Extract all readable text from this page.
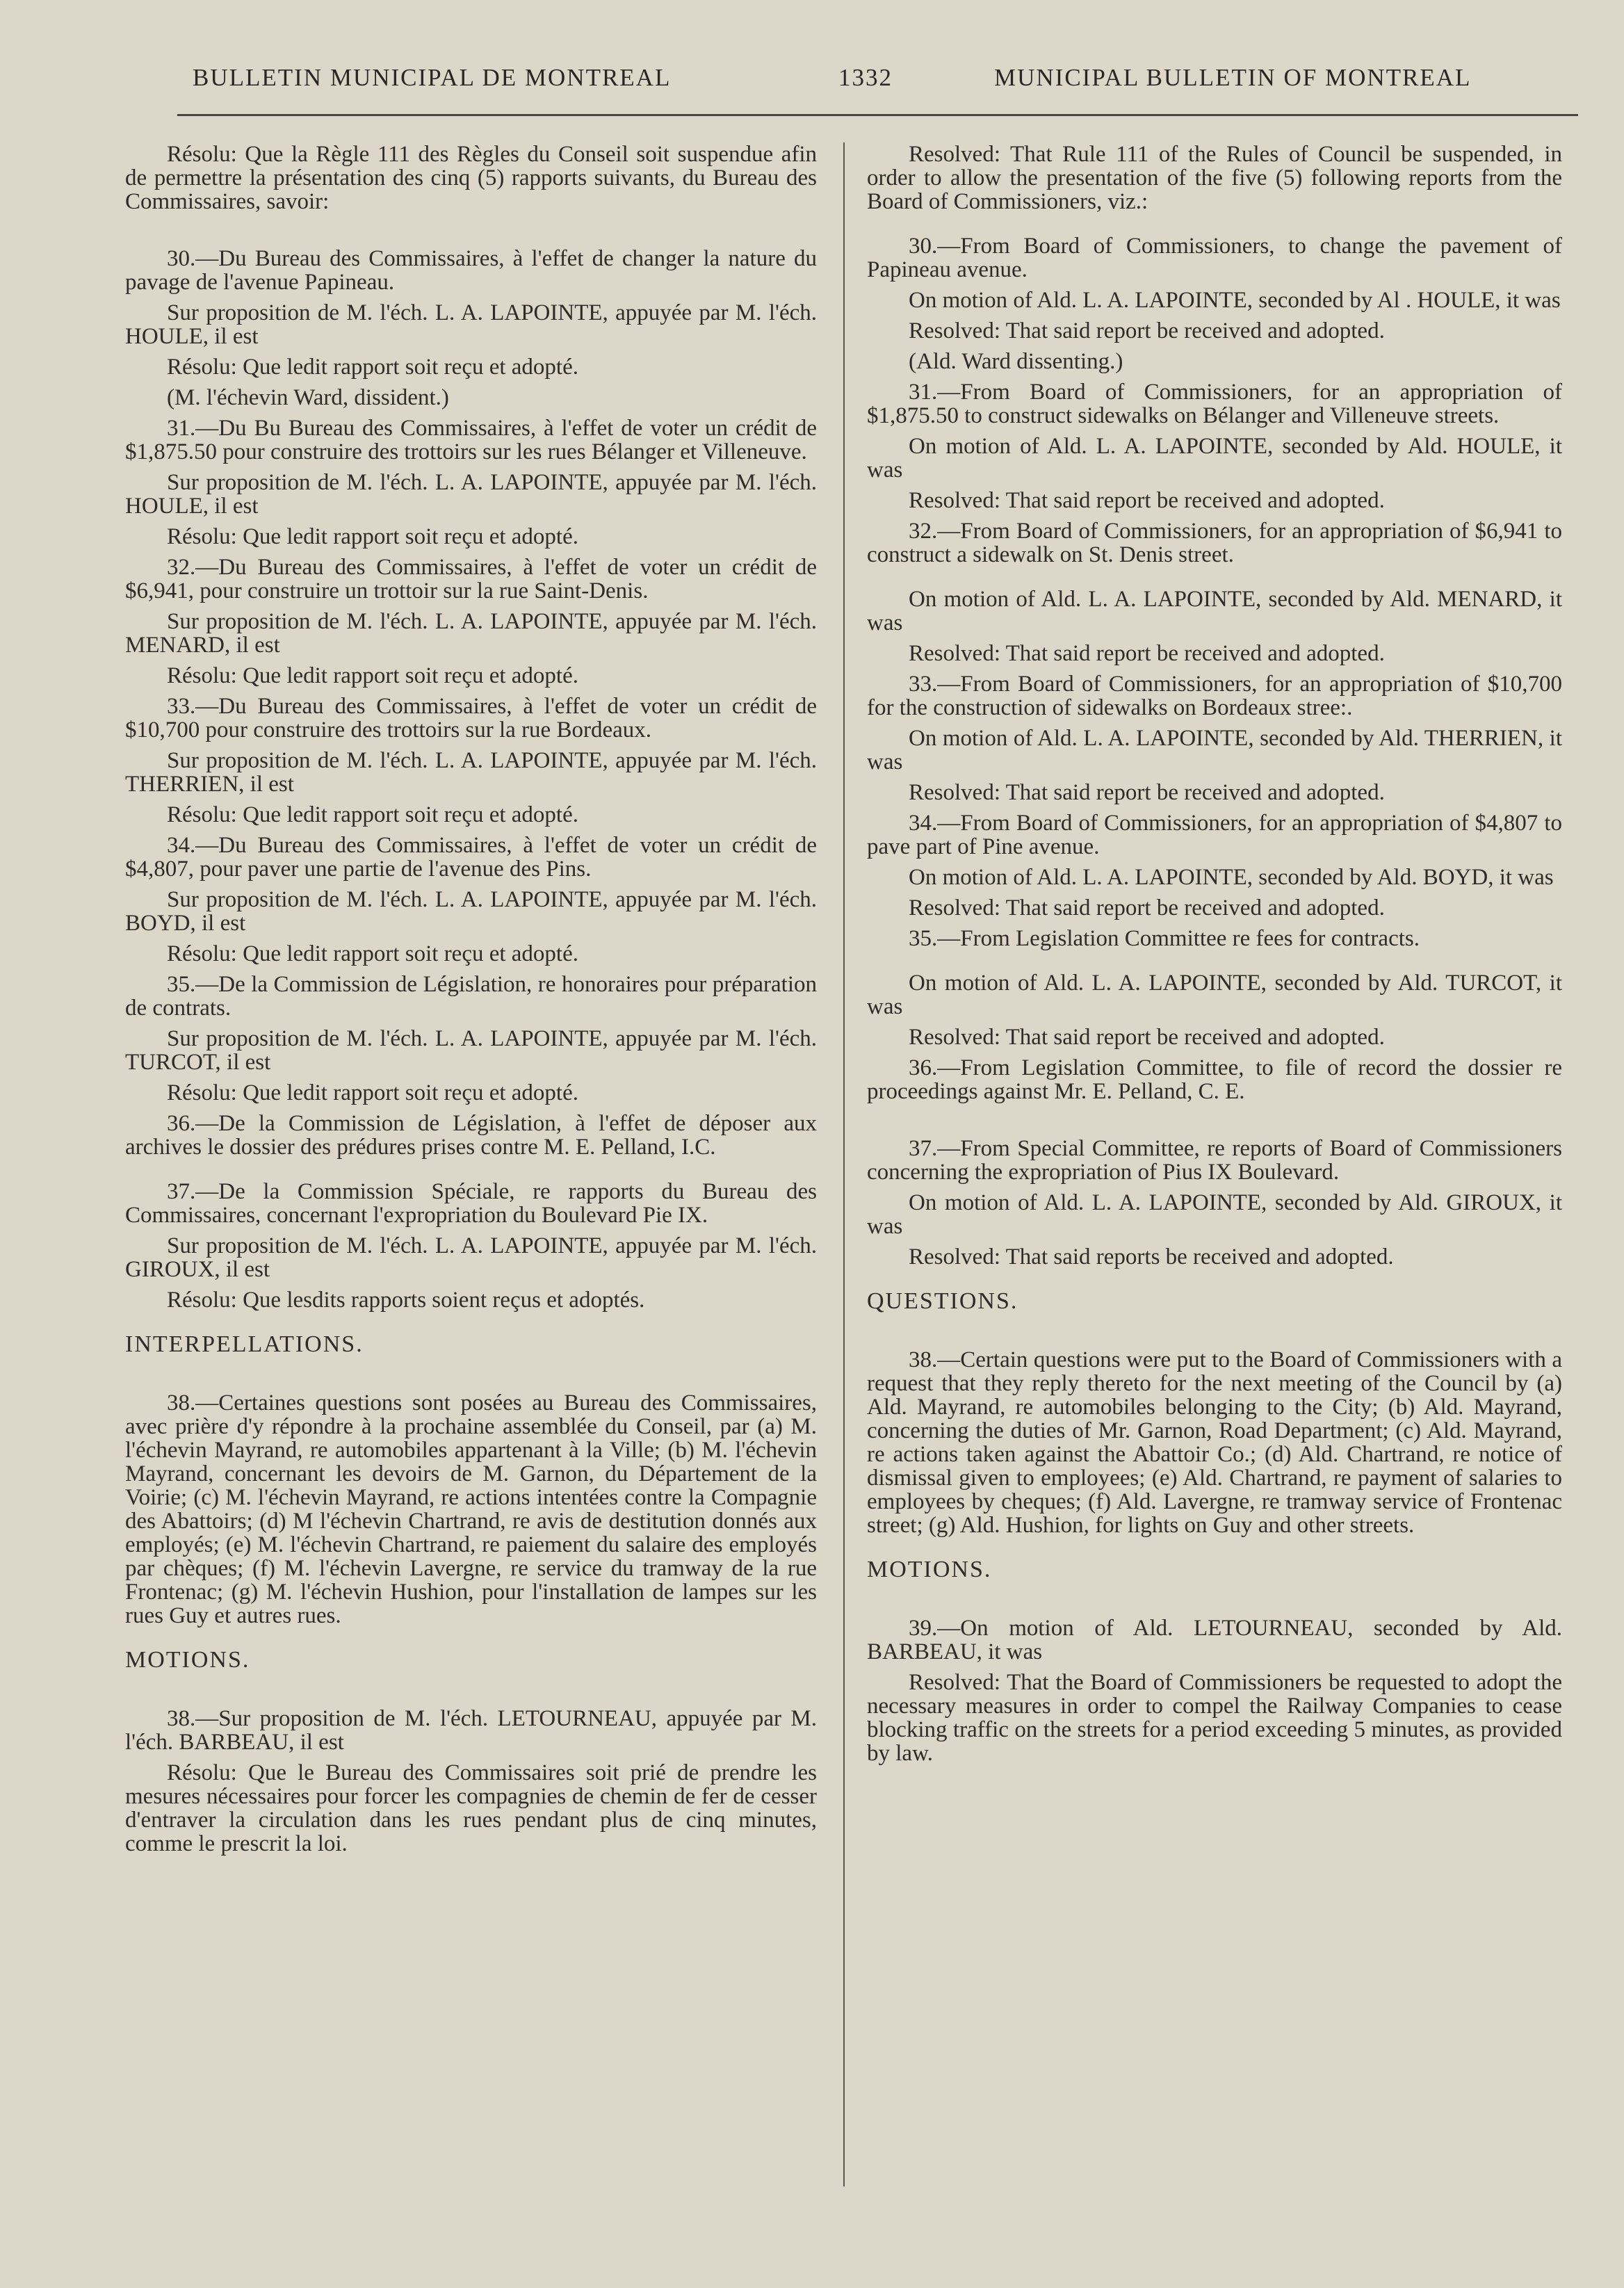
BULLETIN MUNICIPAL DE MONTREAL	1332	MUNICIPAL BULLETIN OF MONTREAL

Résolu: Que la Règle 111 des Règles du Conseil soit suspendue afin de permettre la présentation des cinq (5) rapports suivants, du Bureau des Commissaires, savoir:

30.—Du Bureau des Commissaires, à l'effet de changer la nature du pavage de l'avenue Papineau.

Sur proposition de M. l'éch. L. A. LAPOINTE, appuyée par M. l'éch. HOULE, il est

Résolu: Que ledit rapport soit reçu et adopté.

(M. l'échevin Ward, dissident.)

31.—Du Bu Bureau des Commissaires, à l'effet de voter un crédit de $1,875.50 pour construire des trottoirs sur les rues Bélanger et Villeneuve.

Sur proposition de M. l'éch. L. A. LAPOINTE, appuyée par M. l'éch. HOULE, il est

Résolu: Que ledit rapport soit reçu et adopté.

32.—Du Bureau des Commissaires, à l'effet de voter un crédit de $6,941, pour construire un trottoir sur la rue Saint-Denis.

Sur proposition de M. l'éch. L. A. LAPOINTE, appuyée par M. l'éch. MENARD, il est

Résolu: Que ledit rapport soit reçu et adopté.

33.—Du Bureau des Commissaires, à l'effet de voter un crédit de $10,700 pour construire des trottoirs sur la rue Bordeaux.

Sur proposition de M. l'éch. L. A. LAPOINTE, appuyée par M. l'éch. THERRIEN, il est

Résolu: Que ledit rapport soit reçu et adopté.

34.—Du Bureau des Commissaires, à l'effet de voter un crédit de $4,807, pour paver une partie de l'avenue des Pins.

Sur proposition de M. l'éch. L. A. LAPOINTE, appuyée par M. l'éch. BOYD, il est

Résolu: Que ledit rapport soit reçu et adopté.

35.—De la Commission de Législation, re honoraires pour préparation de contrats.

Sur proposition de M. l'éch. L. A. LAPOINTE, appuyée par M. l'éch. TURCOT, il est

Résolu: Que ledit rapport soit reçu et adopté.

36.—De la Commission de Législation, à l'effet de déposer aux archives le dossier des prédures prises contre M. E. Pelland, I.C.

37.—De la Commission Spéciale, re rapports du Bureau des Commissaires, concernant l'expropriation du Boulevard Pie IX.

Sur proposition de M. l'éch. L. A. LAPOINTE, appuyée par M. l'éch. GIROUX, il est

Résolu: Que lesdits rapports soient reçus et adoptés.

INTERPELLATIONS.

38.—Certaines questions sont posées au Bureau des Commissaires, avec prière d'y répondre à la prochaine assemblée du Conseil, par (a) M. l'échevin Mayrand, re automobiles appartenant à la Ville; (b) M. l'échevin Mayrand, concernant les devoirs de M. Garnon, du Département de la Voirie; (c) M. l'échevin Mayrand, re actions intentées contre la Compagnie des Abattoirs; (d) M l'échevin Chartrand, re avis de destitution donnés aux employés; (e) M. l'échevin Chartrand, re paiement du salaire des employés par chèques; (f) M. l'échevin Lavergne, re service du tramway de la rue Frontenac; (g) M. l'échevin Hushion, pour l'installation de lampes sur les rues Guy et autres rues.

MOTIONS.

38.—Sur proposition de M. l'éch. LETOURNEAU, appuyée par M. l'éch. BARBEAU, il est

Résolu: Que le Bureau des Commissaires soit prié de prendre les mesures nécessaires pour forcer les compagnies de chemin de fer de cesser d'entraver la circulation dans les rues pendant plus de cinq minutes, comme le prescrit la loi.

Resolved: That Rule 111 of the Rules of Council be suspended, in order to allow the presentation of the five (5) following reports from the Board of Commissioners, viz.:

30.—From Board of Commissioners, to change the pavement of Papineau avenue.

On motion of Ald. L. A. LAPOINTE, seconded by Al . HOULE, it was

Resolved: That said report be received and adopted.

(Ald. Ward dissenting.)

31.—From Board of Commissioners, for an appropriation of $1,875.50 to construct sidewalks on Bélanger and Villeneuve streets.

On motion of Ald. L. A. LAPOINTE, seconded by Ald. HOULE, it was

Resolved: That said report be received and adopted.

32.—From Board of Commissioners, for an appropriation of $6,941 to construct a sidewalk on St. Denis street.

On motion of Ald. L. A. LAPOINTE, seconded by Ald. MENARD, it was

Resolved: That said report be received and adopted.

33.—From Board of Commissioners, for an appropriation of $10,700 for the construction of sidewalks on Bordeaux stree:.

On motion of Ald. L. A. LAPOINTE, seconded by Ald. THERRIEN, it was

Resolved: That said report be received and adopted.

34.—From Board of Commissioners, for an appropriation of $4,807 to pave part of Pine avenue.

On motion of Ald. L. A. LAPOINTE, seconded by Ald. BOYD, it was

Resolved: That said report be received and adopted.

35.—From Legislation Committee re fees for contracts.

On motion of Ald. L. A. LAPOINTE, seconded by Ald. TURCOT, it was

Resolved: That said report be received and adopted.

36.—From Legislation Committee, to file of record the dossier re proceedings against Mr. E. Pelland, C. E.

37.—From Special Committee, re reports of Board of Commissioners concerning the expropriation of Pius IX Boulevard.

On motion of Ald. L. A. LAPOINTE, seconded by Ald. GIROUX, it was

Resolved: That said reports be received and adopted.

QUESTIONS.

38.—Certain questions were put to the Board of Commissioners with a request that they reply thereto for the next meeting of the Council by (a) Ald. Mayrand, re automobiles belonging to the City; (b) Ald. Mayrand, concerning the duties of Mr. Garnon, Road Department; (c) Ald. Mayrand, re actions taken against the Abattoir Co.; (d) Ald. Chartrand, re notice of dismissal given to employees; (e) Ald. Chartrand, re payment of salaries to employees by cheques; (f) Ald. Lavergne, re tramway service of Frontenac street; (g) Ald. Hushion, for lights on Guy and other streets.

MOTIONS.

39.—On motion of Ald. LETOURNEAU, seconded by Ald. BARBEAU, it was

Resolved: That the Board of Commissioners be requested to adopt the necessary measures in order to compel the Railway Companies to cease blocking traffic on the streets for a period exceeding 5 minutes, as provided by law.
